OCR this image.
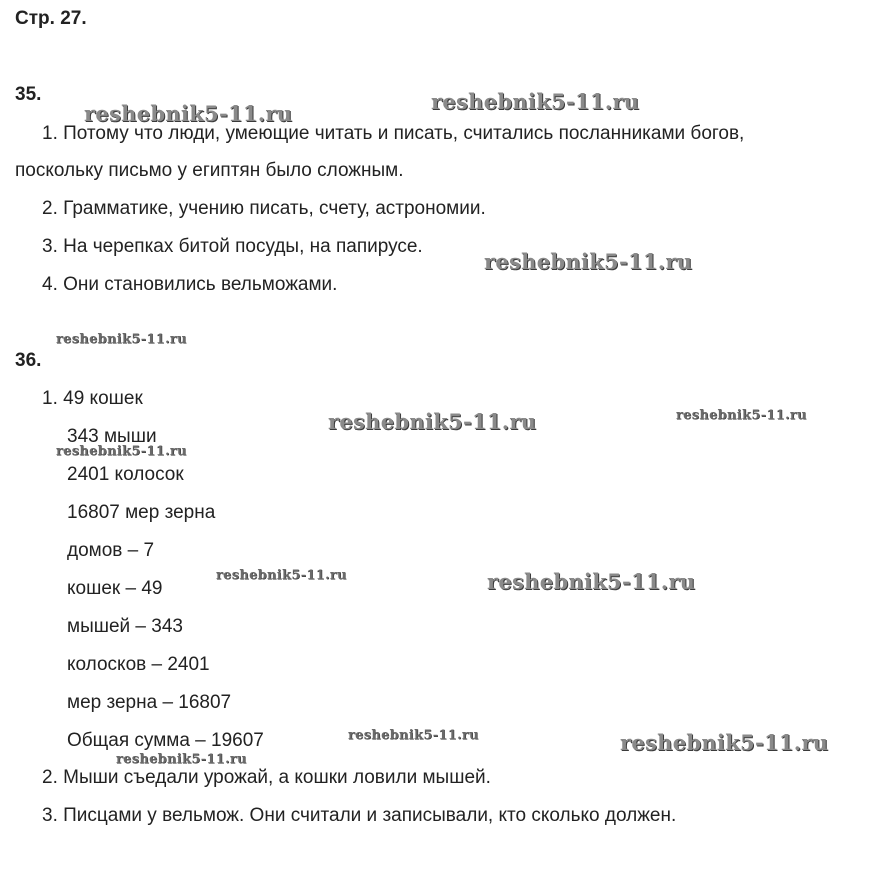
Стр. 27.
35.
1. Потому что люди, умеющие читать и писать, считались посланниками богов,
поскольку письмо у египтян было сложным.
2. Грамматике, учению писать, счету, астрономии.
3. На черепках битой посуды, на папирусе.
4. Они становились вельможами.
36.
1. 49 кошек
343 мыши
2401 колосок
16807 мер зерна
домов – 7
кошек – 49
мышей – 343
колосков – 2401
мер зерна – 16807
Общая сумма – 19607
2. Мыши съедали урожай, а кошки ловили мышей.
3. Писцами у вельмож. Они считали и записывали, кто сколько должен.
reshebnik5-11.ru	reshebnik5-11.ru
reshebnik5-11.ru
reshebnik5-11.ru
reshebnik5-11.ru	reshebnik5-11.ru
reshebnik5-11.ru
reshebnik5-11.ru	reshebnik5-11.ru
reshebnik5-11.ru	reshebnik5-11.ru
reshebnik5-11.ru
